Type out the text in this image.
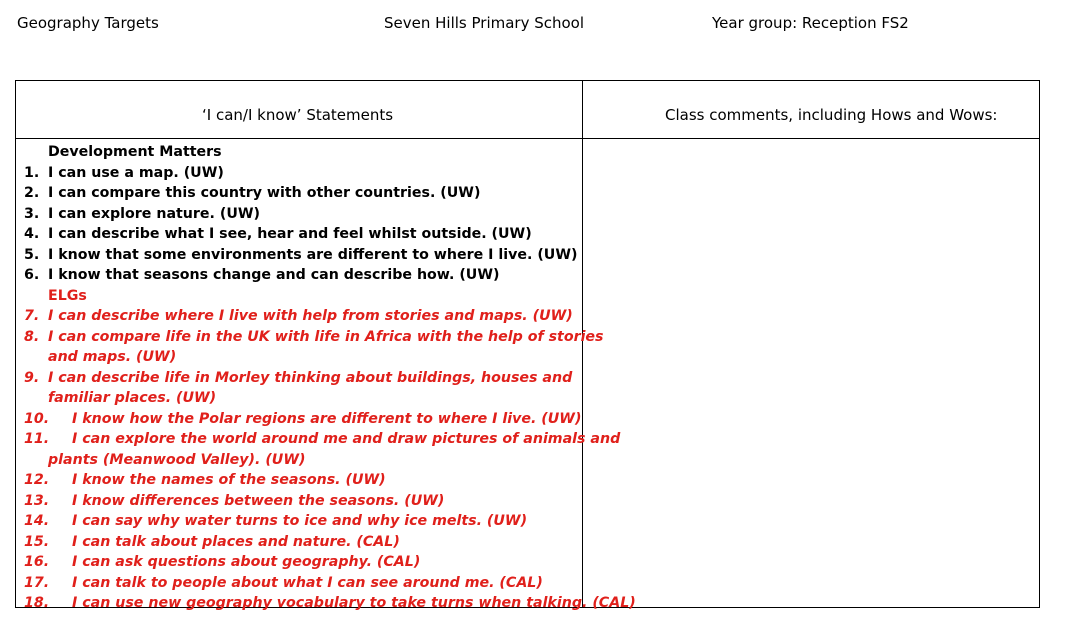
Geography Targets	Seven Hills Primary School	Year group: Reception FS2
‘I can/I know’ Statements	Class comments, including Hows and Wows:
Development Matters
1. I can use a map. (UW)
2. I can compare this country with other countries. (UW)
3. I can explore nature. (UW)
4. I can describe what I see, hear and feel whilst outside. (UW)
5. I know that some environments are different to where I live. (UW)
6. I know that seasons change and can describe how. (UW)
ELGs
7. I can describe where I live with help from stories and maps. (UW)
8. I can compare life in the UK with life in Africa with the help of stories
and maps. (UW)
9. I can describe life in Morley thinking about buildings, houses and
familiar places. (UW)
10. I know how the Polar regions are different to where I live. (UW)
11. I can explore the world around me and draw pictures of animals and
plants (Meanwood Valley). (UW)
12. I know the names of the seasons. (UW)
13. I know differences between the seasons. (UW)
14. I can say why water turns to ice and why ice melts. (UW)
15. I can talk about places and nature. (CAL)
16. I can ask questions about geography. (CAL)
17. I can talk to people about what I can see around me. (CAL)
18. I can use new geography vocabulary to take turns when talking. (CAL)
